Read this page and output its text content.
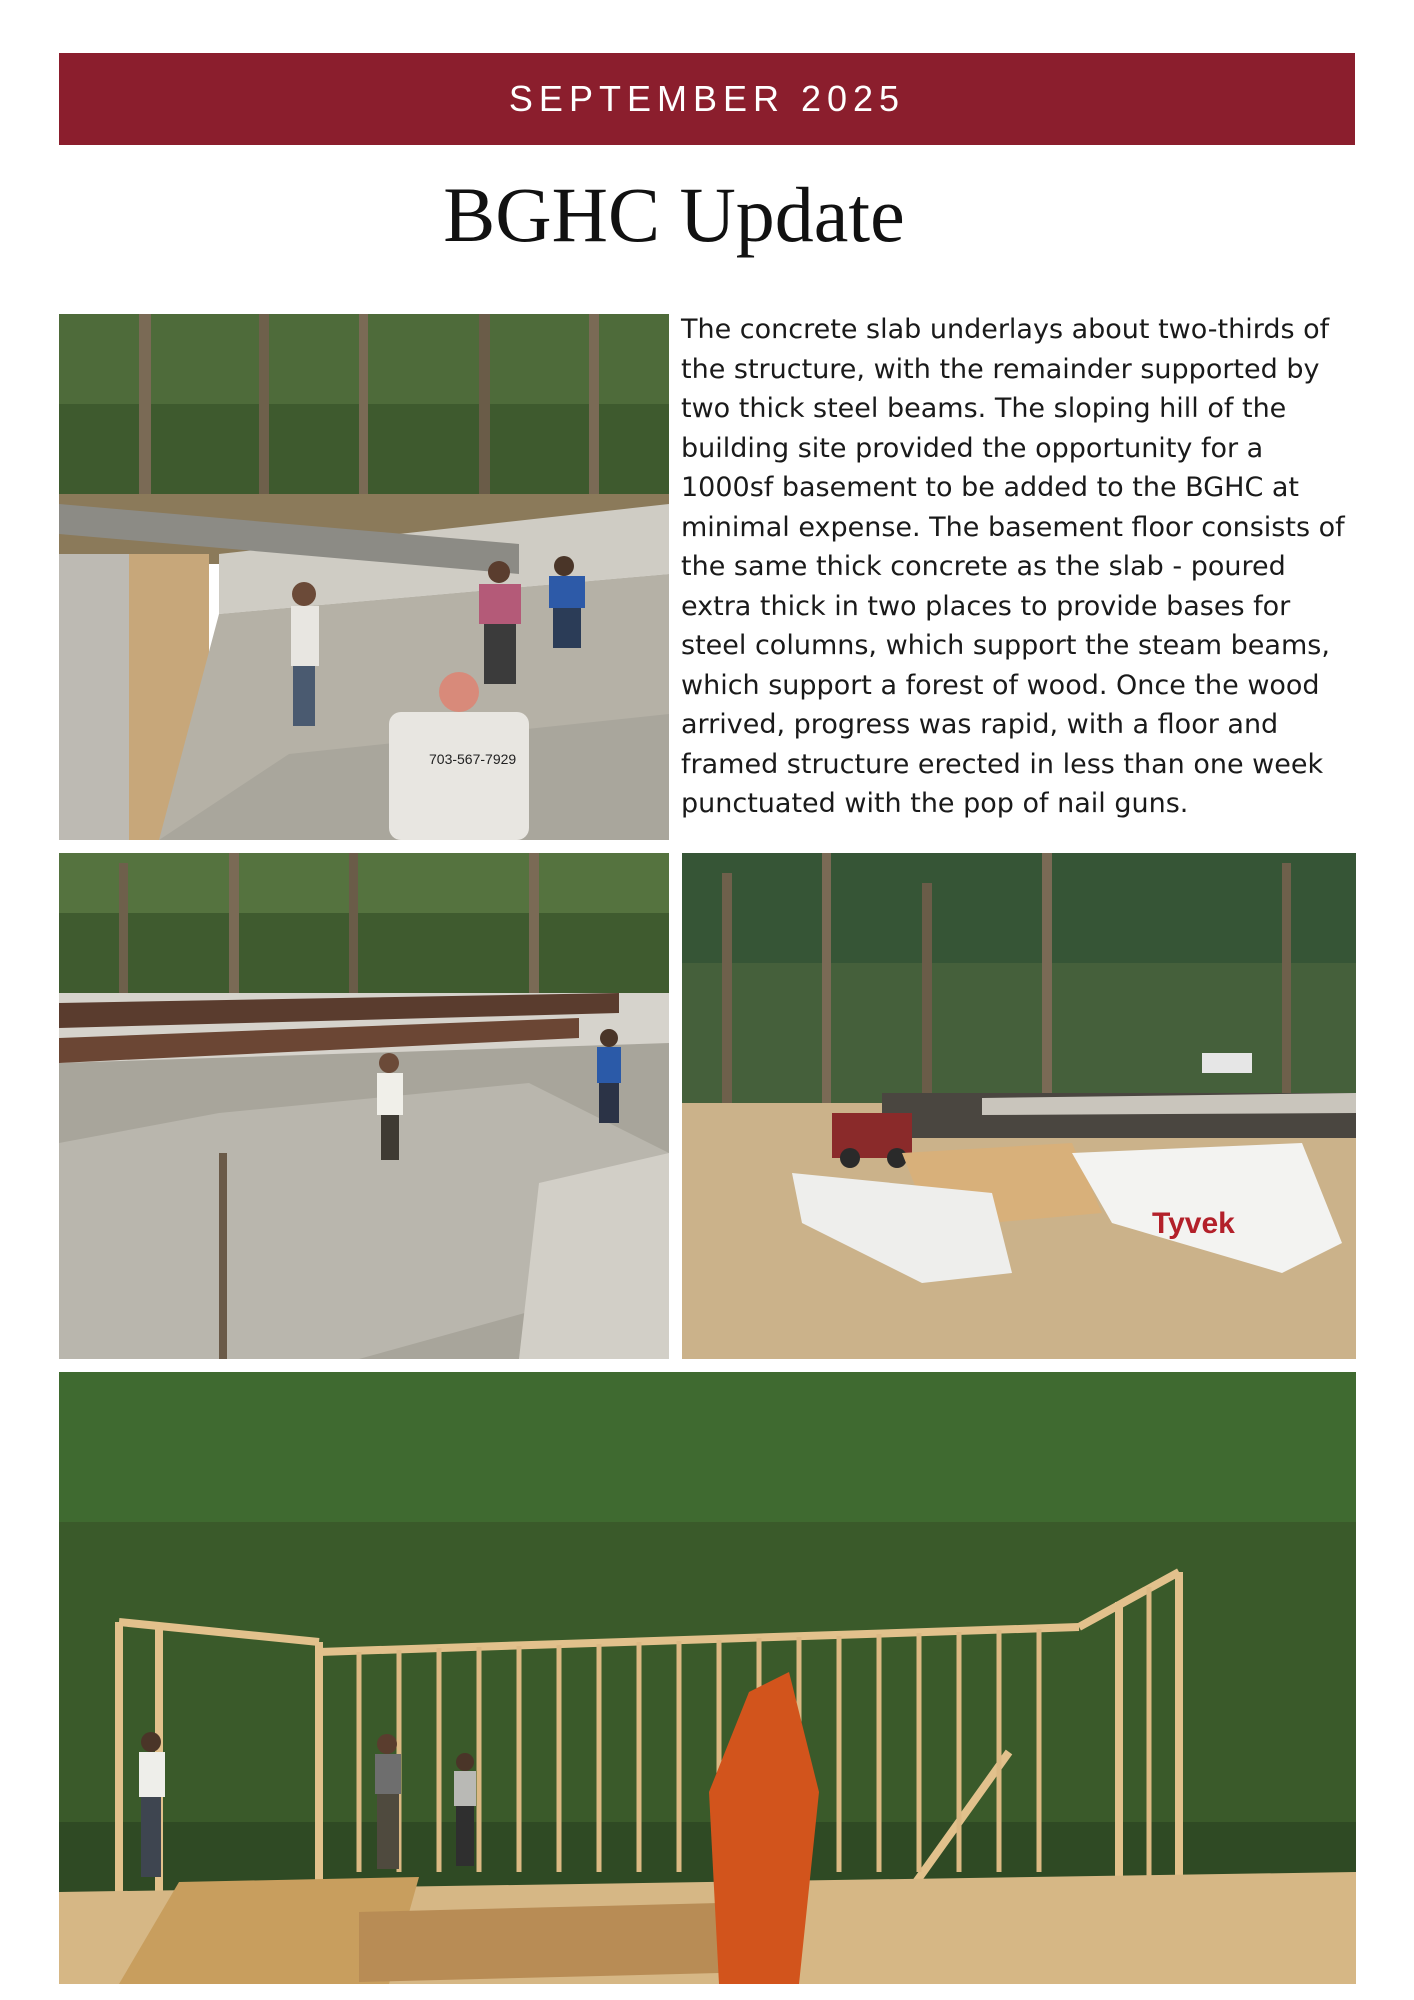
SEPTEMBER 2025
BGHC Update
703-567-7929

The concrete slab underlays about two-thirds of the structure, with the remainder supported by two thick steel beams. The sloping hill of the building site provided the opportunity for a 1000sf basement to be added to the BGHC at minimal expense. The basement floor consists of the same thick concrete as the slab - poured extra thick in two places to provide bases for steel columns, which support the steam beams, which support a forest of wood. Once the wood arrived, progress was rapid, with a floor and framed structure erected in less than one week punctuated with the pop of nail guns.

Tyvek
